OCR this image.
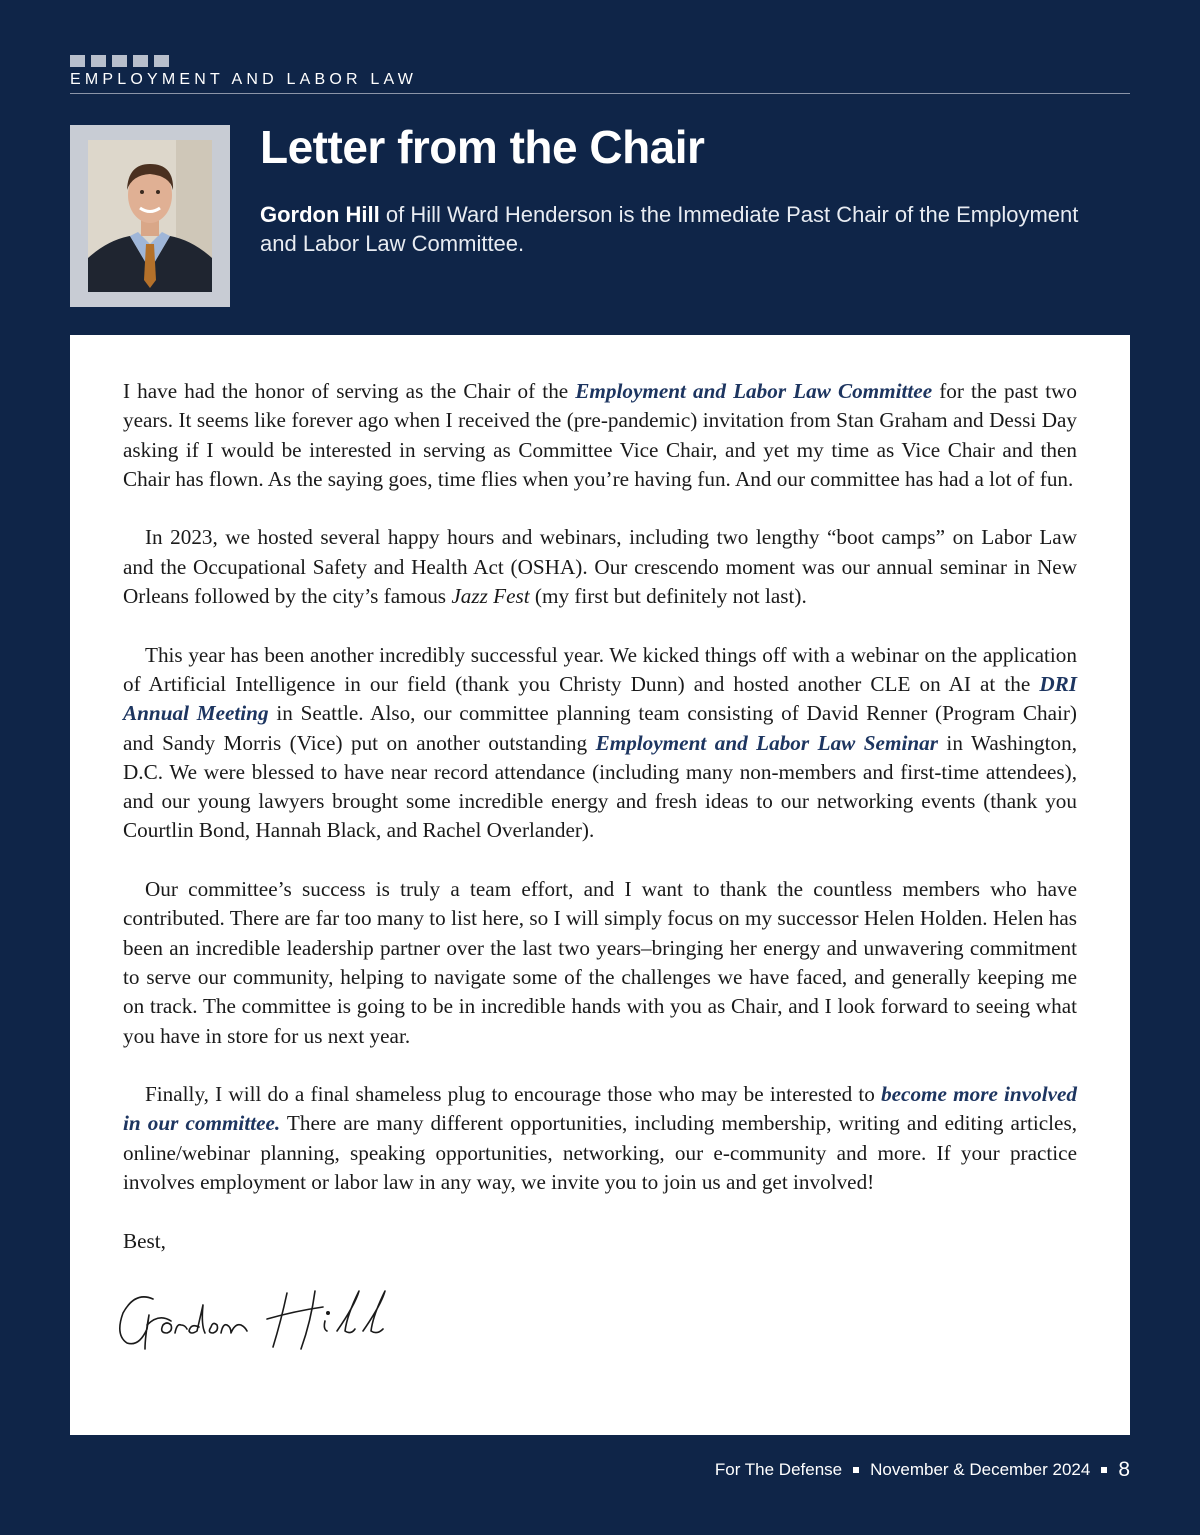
EMPLOYMENT AND LABOR LAW
Letter from the Chair

Gordon Hill of Hill Ward Henderson is the Immediate Past Chair of the Employment and Labor Law Committee.

I have had the honor of serving as the Chair of the Employment and Labor Law Committee for the past two years. It seems like forever ago when I received the (pre-pandemic) invitation from Stan Graham and Dessi Day asking if I would be interested in serving as Committee Vice Chair, and yet my time as Vice Chair and then Chair has flown. As the saying goes, time flies when you’re having fun. And our committee has had a lot of fun.

In 2023, we hosted several happy hours and webinars, including two lengthy “boot camps” on Labor Law and the Occupational Safety and Health Act (OSHA). Our crescendo moment was our annual seminar in New Orleans followed by the city’s famous Jazz Fest (my first but definitely not last).

This year has been another incredibly successful year. We kicked things off with a webinar on the application of Artificial Intelligence in our field (thank you Christy Dunn) and hosted another CLE on AI at the DRI Annual Meeting in Seattle. Also, our committee planning team consisting of David Renner (Program Chair) and Sandy Morris (Vice) put on another outstanding Employment and Labor Law Seminar in Washington, D.C. We were blessed to have near record attendance (including many non-members and first-time attendees), and our young lawyers brought some incredible energy and fresh ideas to our networking events (thank you Courtlin Bond, Hannah Black, and Rachel Overlander).

Our committee’s success is truly a team effort, and I want to thank the countless members who have contributed. There are far too many to list here, so I will simply focus on my successor Helen Holden. Helen has been an incredible leadership partner over the last two years–bringing her energy and unwavering commitment to serve our community, helping to navigate some of the challenges we have faced, and generally keeping me on track. The committee is going to be in incredible hands with you as Chair, and I look forward to seeing what you have in store for us next year.

Finally, I will do a final shameless plug to encourage those who may be interested to become more involved in our committee. There are many different opportunities, including membership, writing and editing articles, online/webinar planning, speaking opportunities, networking, our e-community and more. If your practice involves employment or labor law in any way, we invite you to join us and get involved!

Best,

For The Defense November & December 2024 8
